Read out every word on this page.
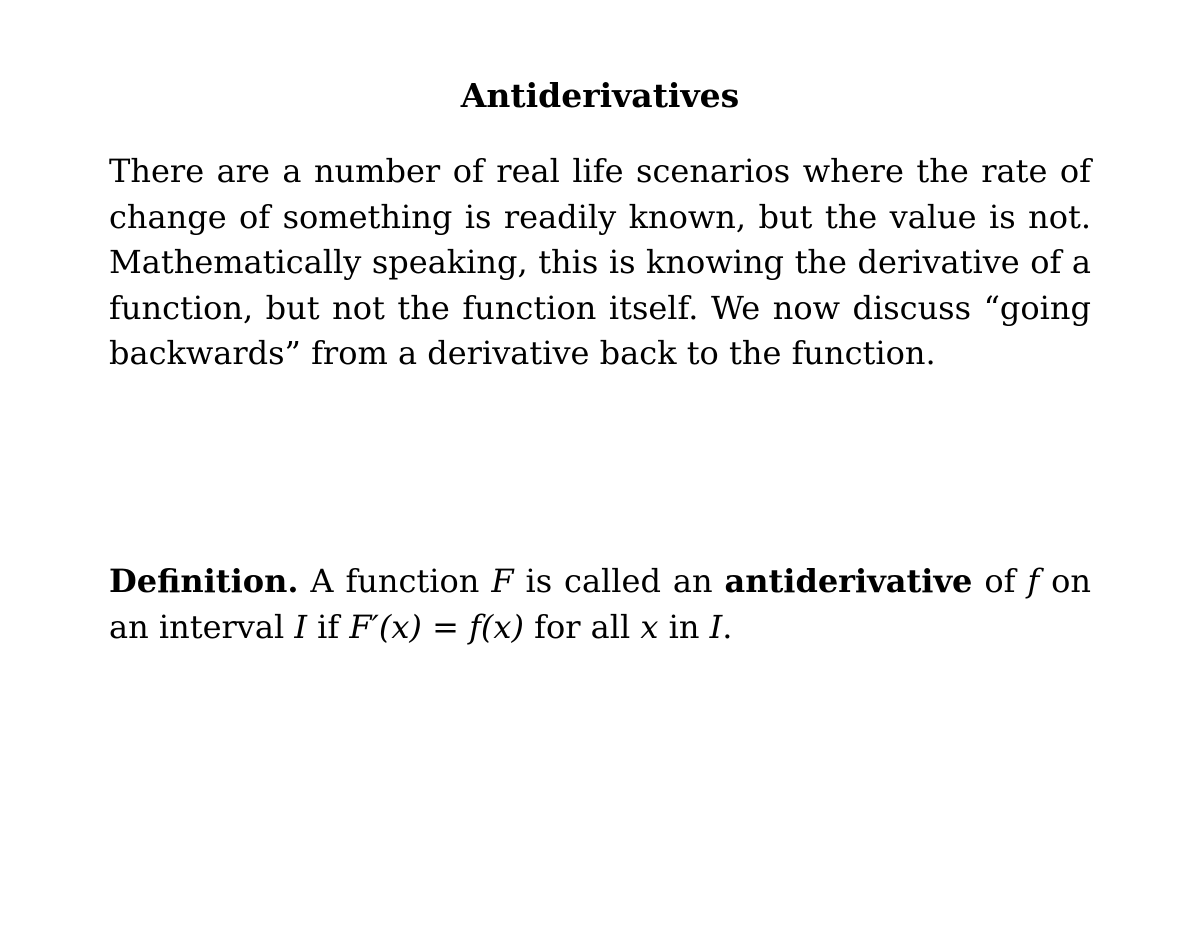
Antiderivatives
There are a number of real life scenarios where the rate of change of something is readily known, but the value is not. Mathematically speaking, this is knowing the derivative of a function, but not the function itself. We now discuss “going backwards” from a derivative back to the function.
Definition. A function F is called an antiderivative of f on an interval I if F′(x) = f(x) for all x in I.
